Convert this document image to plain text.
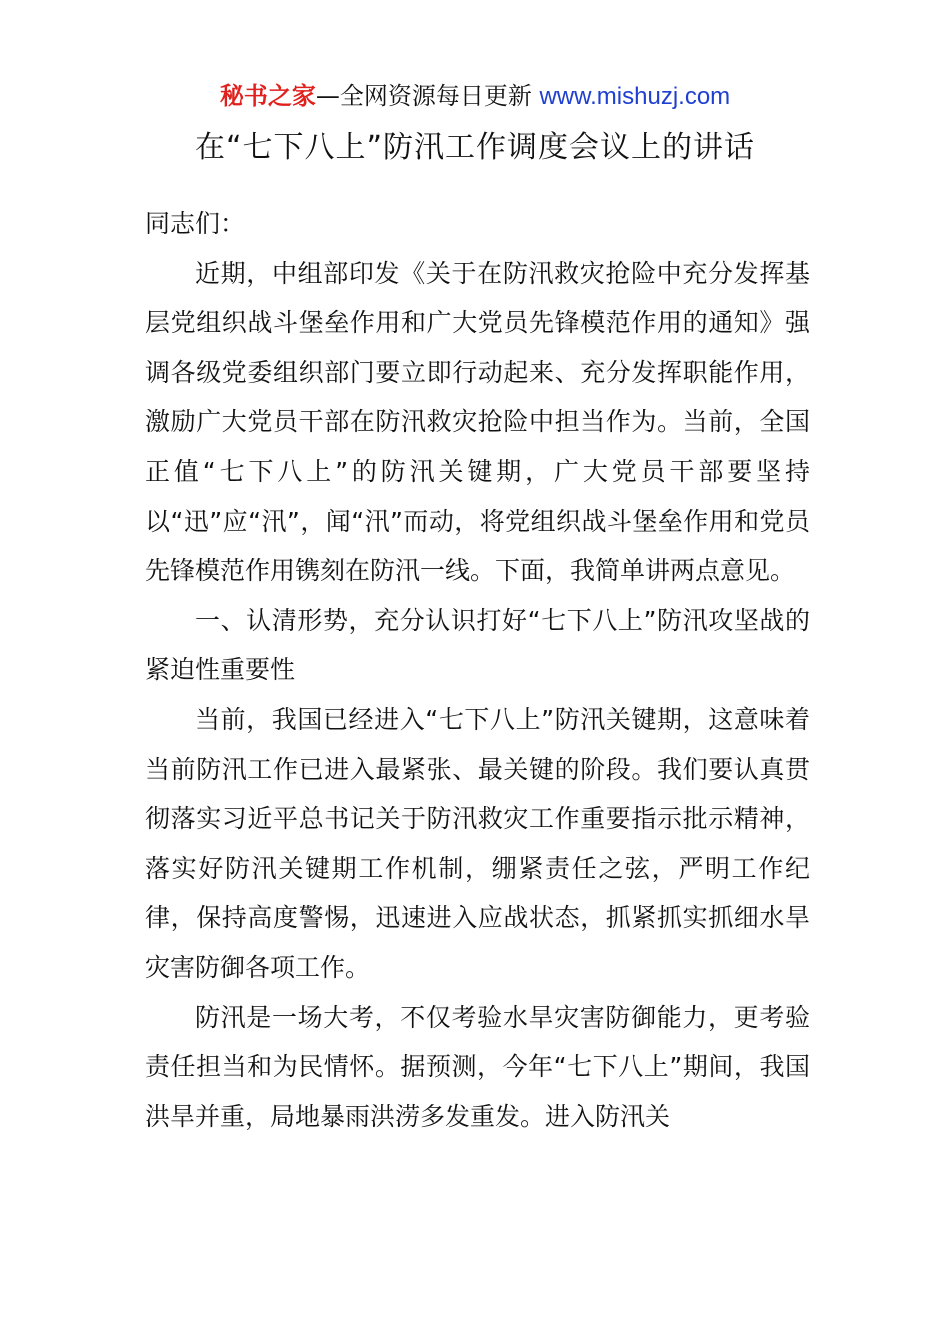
秘书之家—全网资源每日更新 www.mishuzj.com
在“七下八上”防汛工作调度会议上的讲话

同志们：

近期，中组部印发《关于在防汛救灾抢险中充分发挥基层党组织战斗堡垒作用和广大党员先锋模范作用的通知》强调各级党委组织部门要立即行动起来、充分发挥职能作用，激励广大党员干部在防汛救灾抢险中担当作为。当前，全国正值“七下八上”的防汛关键期，广大党员干部要坚持以“迅”应“汛”，闻“汛”而动，将党组织战斗堡垒作用和党员先锋模范作用镌刻在防汛一线。下面，我简单讲两点意见。

一、认清形势，充分认识打好“七下八上”防汛攻坚战的紧迫性重要性

当前，我国已经进入“七下八上”防汛关键期，这意味着当前防汛工作已进入最紧张、最关键的阶段。我们要认真贯彻落实习近平总书记关于防汛救灾工作重要指示批示精神，落实好防汛关键期工作机制，绷紧责任之弦，严明工作纪律，保持高度警惕，迅速进入应战状态，抓紧抓实抓细水旱灾害防御各项工作。

防汛是一场大考，不仅考验水旱灾害防御能力，更考验责任担当和为民情怀。据预测，今年“七下八上”期间，我国洪旱并重，局地暴雨洪涝多发重发。进入防汛关
